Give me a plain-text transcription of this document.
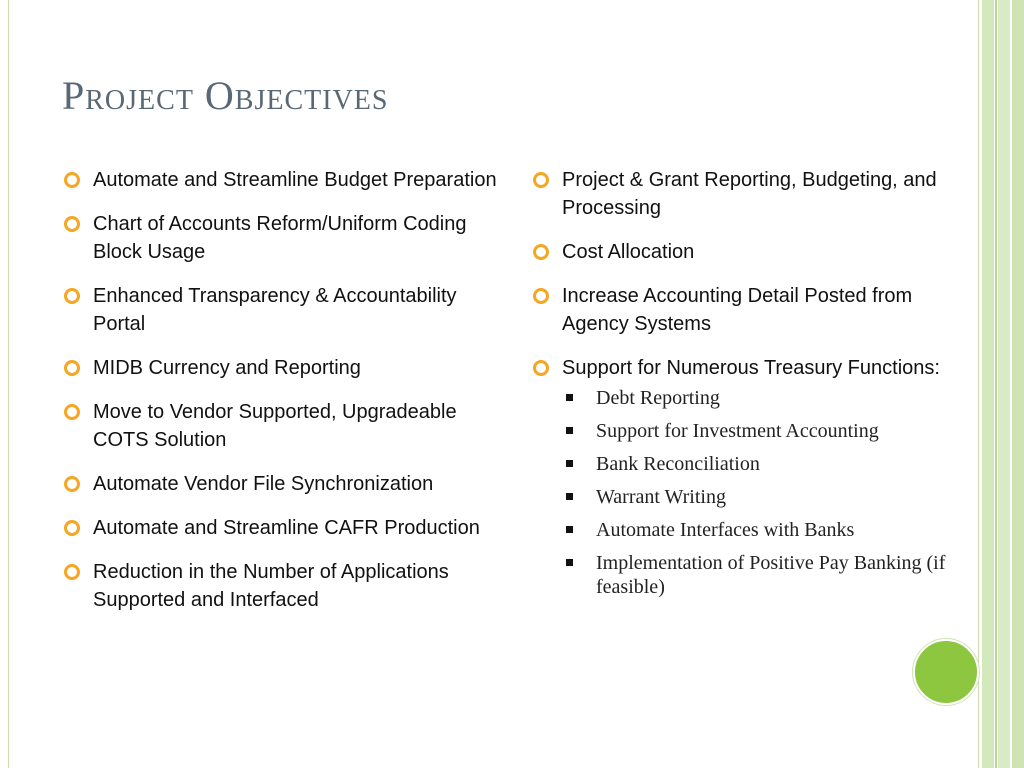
Project Objectives
Automate and Streamline Budget Preparation
Chart of Accounts Reform/Uniform Coding Block Usage
Enhanced Transparency & Accountability Portal
MIDB Currency and Reporting
Move to Vendor Supported, Upgradeable COTS Solution
Automate Vendor File Synchronization
Automate and Streamline CAFR Production
Reduction in the Number of Applications Supported and Interfaced
Project & Grant Reporting, Budgeting, and Processing
Cost Allocation
Increase Accounting Detail Posted from Agency Systems
Support for Numerous Treasury Functions:
Debt Reporting
Support for Investment Accounting
Bank Reconciliation
Warrant Writing
Automate Interfaces with Banks
Implementation of Positive Pay Banking (if feasible)
